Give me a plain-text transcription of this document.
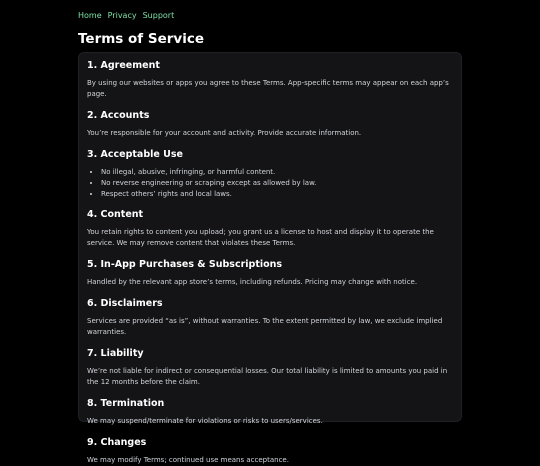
Home Privacy Support
Terms of Service
1. Agreement

By using our websites or apps you agree to these Terms. App-specific terms may appear on each app’s page.

2. Accounts

You’re responsible for your account and activity. Provide accurate information.

3. Acceptable Use
• No illegal, abusive, infringing, or harmful content.
• No reverse engineering or scraping except as allowed by law.
• Respect others’ rights and local laws.
4. Content

You retain rights to content you upload; you grant us a license to host and display it to operate the service. We may remove content that violates these Terms.

5. In-App Purchases & Subscriptions

Handled by the relevant app store’s terms, including refunds. Pricing may change with notice.

6. Disclaimers

Services are provided “as is”, without warranties. To the extent permitted by law, we exclude implied warranties.

7. Liability

We’re not liable for indirect or consequential losses. Our total liability is limited to amounts you paid in the 12 months before the claim.

8. Termination

We may suspend/terminate for violations or risks to users/services.

9. Changes

We may modify Terms; continued use means acceptance.
